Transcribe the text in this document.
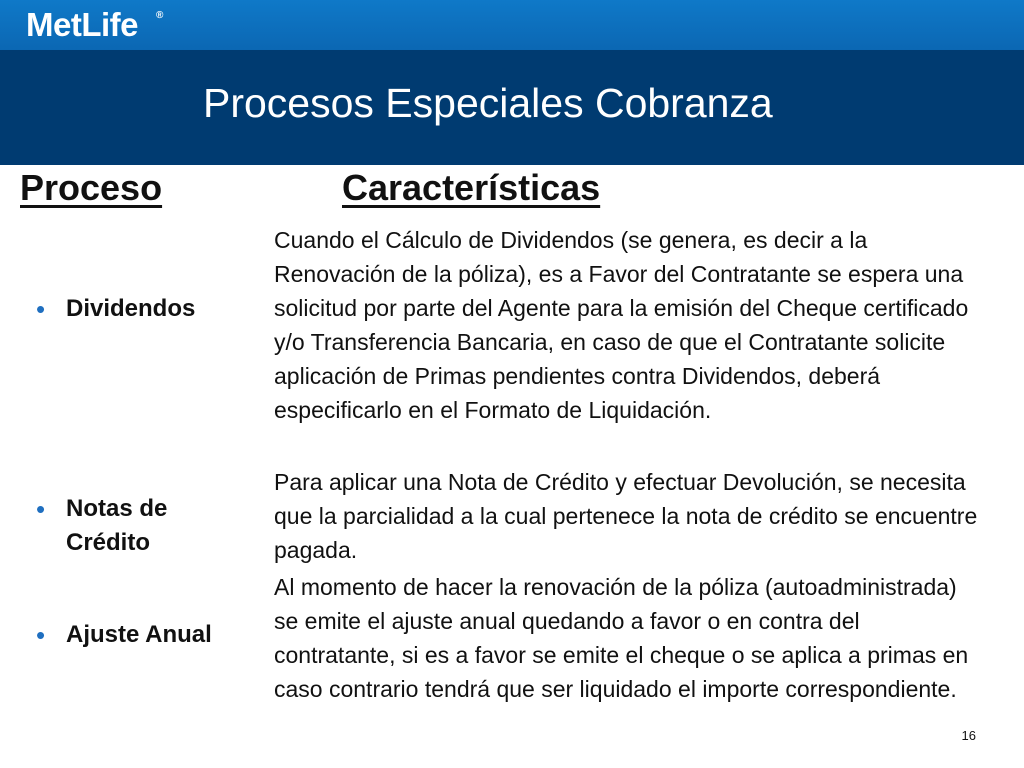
MetLife ®
Procesos Especiales Cobranza
Proceso	Características
• Dividendos
• Notas de Crédito
• Ajuste Anual
Cuando el Cálculo de Dividendos (se genera, es decir a la Renovación de la póliza), es a Favor del Contratante se espera una solicitud por parte del Agente para la emisión del Cheque certificado y/o Transferencia Bancaria, en caso de que el Contratante solicite aplicación de Primas pendientes contra Dividendos, deberá especificarlo en el Formato de Liquidación.
Para aplicar una Nota de Crédito y efectuar Devolución, se necesita que la parcialidad a la cual pertenece la nota de crédito se encuentre pagada.
Al momento de hacer la renovación de la póliza (autoadministrada) se emite el ajuste anual quedando a favor o en contra del contratante, si es a favor se emite el cheque o se aplica a primas en caso contrario tendrá que ser liquidado el importe correspondiente.
16
